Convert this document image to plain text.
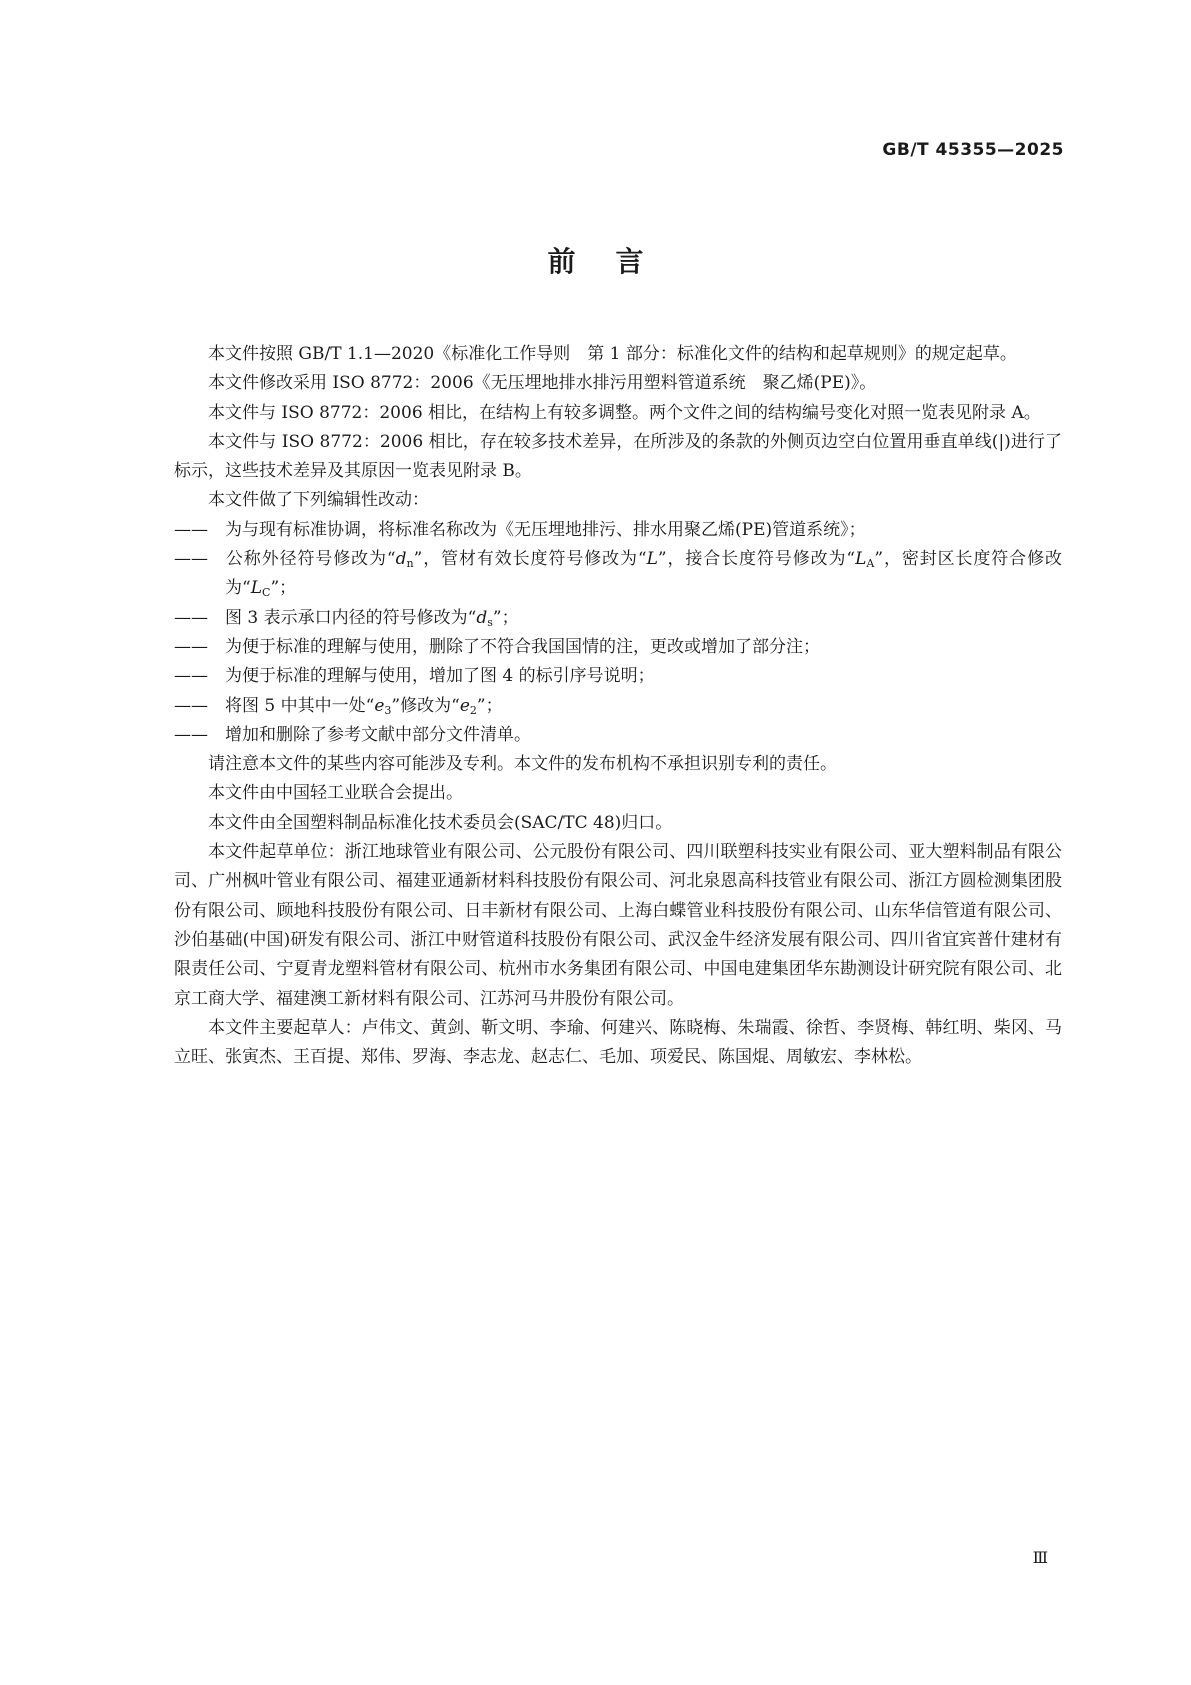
GB/T 45355—2025
前言

本文件按照 GB/T 1.1—2020《标准化工作导则　第 1 部分：标准化文件的结构和起草规则》的规定起草。

本文件修改采用 ISO 8772：2006《无压埋地排水排污用塑料管道系统　聚乙烯(PE)》。

本文件与 ISO 8772：2006 相比，在结构上有较多调整。两个文件之间的结构编号变化对照一览表见附录 A。

本文件与 ISO 8772：2006 相比，存在较多技术差异，在所涉及的条款的外侧页边空白位置用垂直单线(|)进行了标示，这些技术差异及其原因一览表见附录 B。

本文件做了下列编辑性改动：

—— 为与现有标准协调，将标准名称改为《无压埋地排污、排水用聚乙烯(PE)管道系统》；

—— 公称外径符号修改为“$d_n$”，管材有效长度符号修改为“L”，接合长度符号修改为“$L_A$”，密封区长度符合修改为“$L_C$”；

—— 图 3 表示承口内径的符号修改为“$d_s$”；

—— 为便于标准的理解与使用，删除了不符合我国国情的注，更改或增加了部分注；

—— 为便于标准的理解与使用，增加了图 4 的标引序号说明；

—— 将图 5 中其中一处“$e_3$”修改为“$e_2$”；

—— 增加和删除了参考文献中部分文件清单。

请注意本文件的某些内容可能涉及专利。本文件的发布机构不承担识别专利的责任。

本文件由中国轻工业联合会提出。

本文件由全国塑料制品标准化技术委员会(SAC/TC 48)归口。

本文件起草单位：浙江地球管业有限公司、公元股份有限公司、四川联塑科技实业有限公司、亚大塑料制品有限公司、广州枫叶管业有限公司、福建亚通新材料科技股份有限公司、河北泉恩高科技管业有限公司、浙江方圆检测集团股份有限公司、顾地科技股份有限公司、日丰新材有限公司、上海白蝶管业科技股份有限公司、山东华信管道有限公司、沙伯基础(中国)研发有限公司、浙江中财管道科技股份有限公司、武汉金牛经济发展有限公司、四川省宜宾普什建材有限责任公司、宁夏青龙塑料管材有限公司、杭州市水务集团有限公司、中国电建集团华东勘测设计研究院有限公司、北京工商大学、福建澳工新材料有限公司、江苏河马井股份有限公司。

本文件主要起草人：卢伟文、黄剑、靳文明、李瑜、何建兴、陈晓梅、朱瑞霞、徐哲、李贤梅、韩红明、柴冈、马立旺、张寅杰、王百提、郑伟、罗海、李志龙、赵志仁、毛加、项爱民、陈国焜、周敏宏、李林松。

Ⅲ
